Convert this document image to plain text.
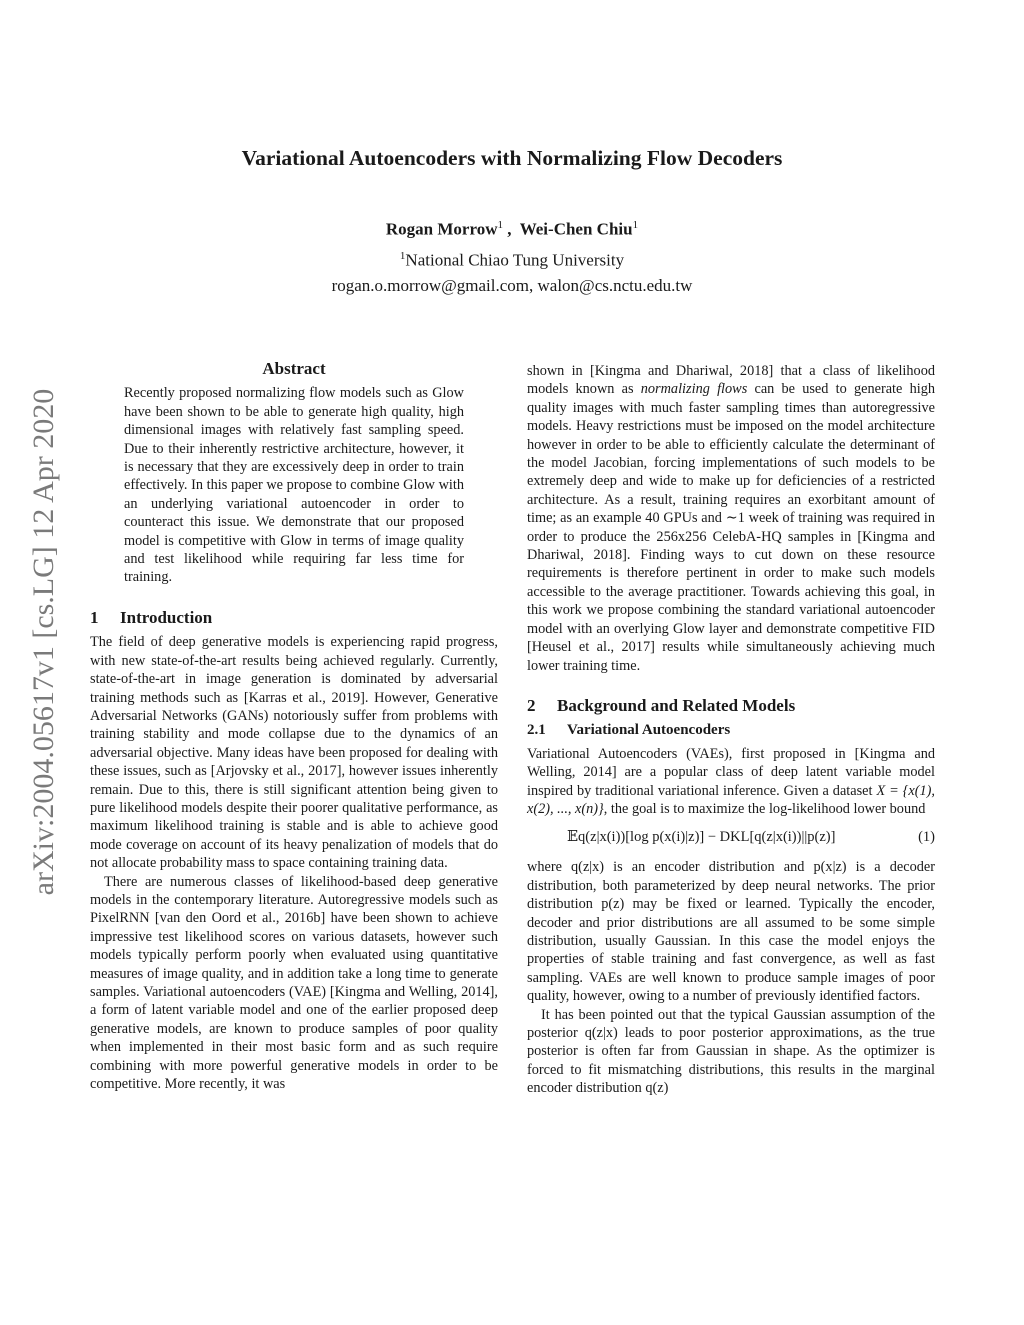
arXiv:2004.05617v1 [cs.LG] 12 Apr 2020
Variational Autoencoders with Normalizing Flow Decoders
Rogan Morrow$^1$ ,  Wei-Chen Chiu$^1$
$^1$National Chiao Tung University
rogan.o.morrow@gmail.com, walon@cs.nctu.edu.tw
Abstract

Recently proposed normalizing flow models such as Glow have been shown to be able to generate high quality, high dimensional images with relatively fast sampling speed. Due to their inherently restrictive architecture, however, it is necessary that they are excessively deep in order to train effectively. In this paper we propose to combine Glow with an underlying variational autoencoder in order to counteract this issue. We demonstrate that our proposed model is competitive with Glow in terms of image quality and test likelihood while requiring far less time for training.

1 Introduction

The field of deep generative models is experiencing rapid progress, with new state-of-the-art results being achieved regularly. Currently, state-of-the-art in image generation is dominated by adversarial training methods such as [Karras et al., 2019]. However, Generative Adversarial Networks (GANs) notoriously suffer from problems with training stability and mode collapse due to the dynamics of an adversarial objective. Many ideas have been proposed for dealing with these issues, such as [Arjovsky et al., 2017], however issues inherently remain. Due to this, there is still significant attention being given to pure likelihood models despite their poorer qualitative performance, as maximum likelihood training is stable and is able to achieve good mode coverage on account of its heavy penalization of models that do not allocate probability mass to space containing training data.

There are numerous classes of likelihood-based deep generative models in the contemporary literature. Autoregressive models such as PixelRNN [van den Oord et al., 2016b] have been shown to achieve impressive test likelihood scores on various datasets, however such models typically perform poorly when evaluated using quantitative measures of image quality, and in addition take a long time to generate samples. Variational autoencoders (VAE) [Kingma and Welling, 2014], a form of latent variable model and one of the earlier proposed deep generative models, are known to produce samples of poor quality when implemented in their most basic form and as such require combining with more powerful generative models in order to be competitive. More recently, it was

shown in [Kingma and Dhariwal, 2018] that a class of likelihood models known as normalizing flows can be used to generate high quality images with much faster sampling times than autoregressive models. Heavy restrictions must be imposed on the model architecture however in order to be able to efficiently calculate the determinant of the model Jacobian, forcing implementations of such models to be extremely deep and wide to make up for deficiencies of a restricted architecture. As a result, training requires an exorbitant amount of time; as an example 40 GPUs and ∼1 week of training was required in order to produce the 256x256 CelebA-HQ samples in [Kingma and Dhariwal, 2018]. Finding ways to cut down on these resource requirements is therefore pertinent in order to make such models accessible to the average practitioner. Towards achieving this goal, in this work we propose combining the standard variational autoencoder model with an overlying Glow layer and demonstrate competitive FID [Heusel et al., 2017] results while simultaneously achieving much lower training time.

2 Background and Related Models
2.1 Variational Autoencoders

Variational Autoencoders (VAEs), first proposed in [Kingma and Welling, 2014] are a popular class of deep latent variable model inspired by traditional variational inference. Given a dataset X = {x(1), x(2), ..., x(n)}, the goal is to maximize the log-likelihood lower bound

𝔼q(z|x(i))[log p(x(i)|z)] − DKL[q(z|x(i))||p(z)]	(1)

where q(z|x) is an encoder distribution and p(x|z) is a decoder distribution, both parameterized by deep neural networks. The prior distribution p(z) may be fixed or learned. Typically the encoder, decoder and prior distributions are all assumed to be some simple distribution, usually Gaussian. In this case the model enjoys the properties of stable training and fast convergence, as well as fast sampling. VAEs are well known to produce sample images of poor quality, however, owing to a number of previously identified factors.

It has been pointed out that the typical Gaussian assumption of the posterior q(z|x) leads to poor posterior approximations, as the true posterior is often far from Gaussian in shape. As the optimizer is forced to fit mismatching distributions, this results in the marginal encoder distribution q(z)
